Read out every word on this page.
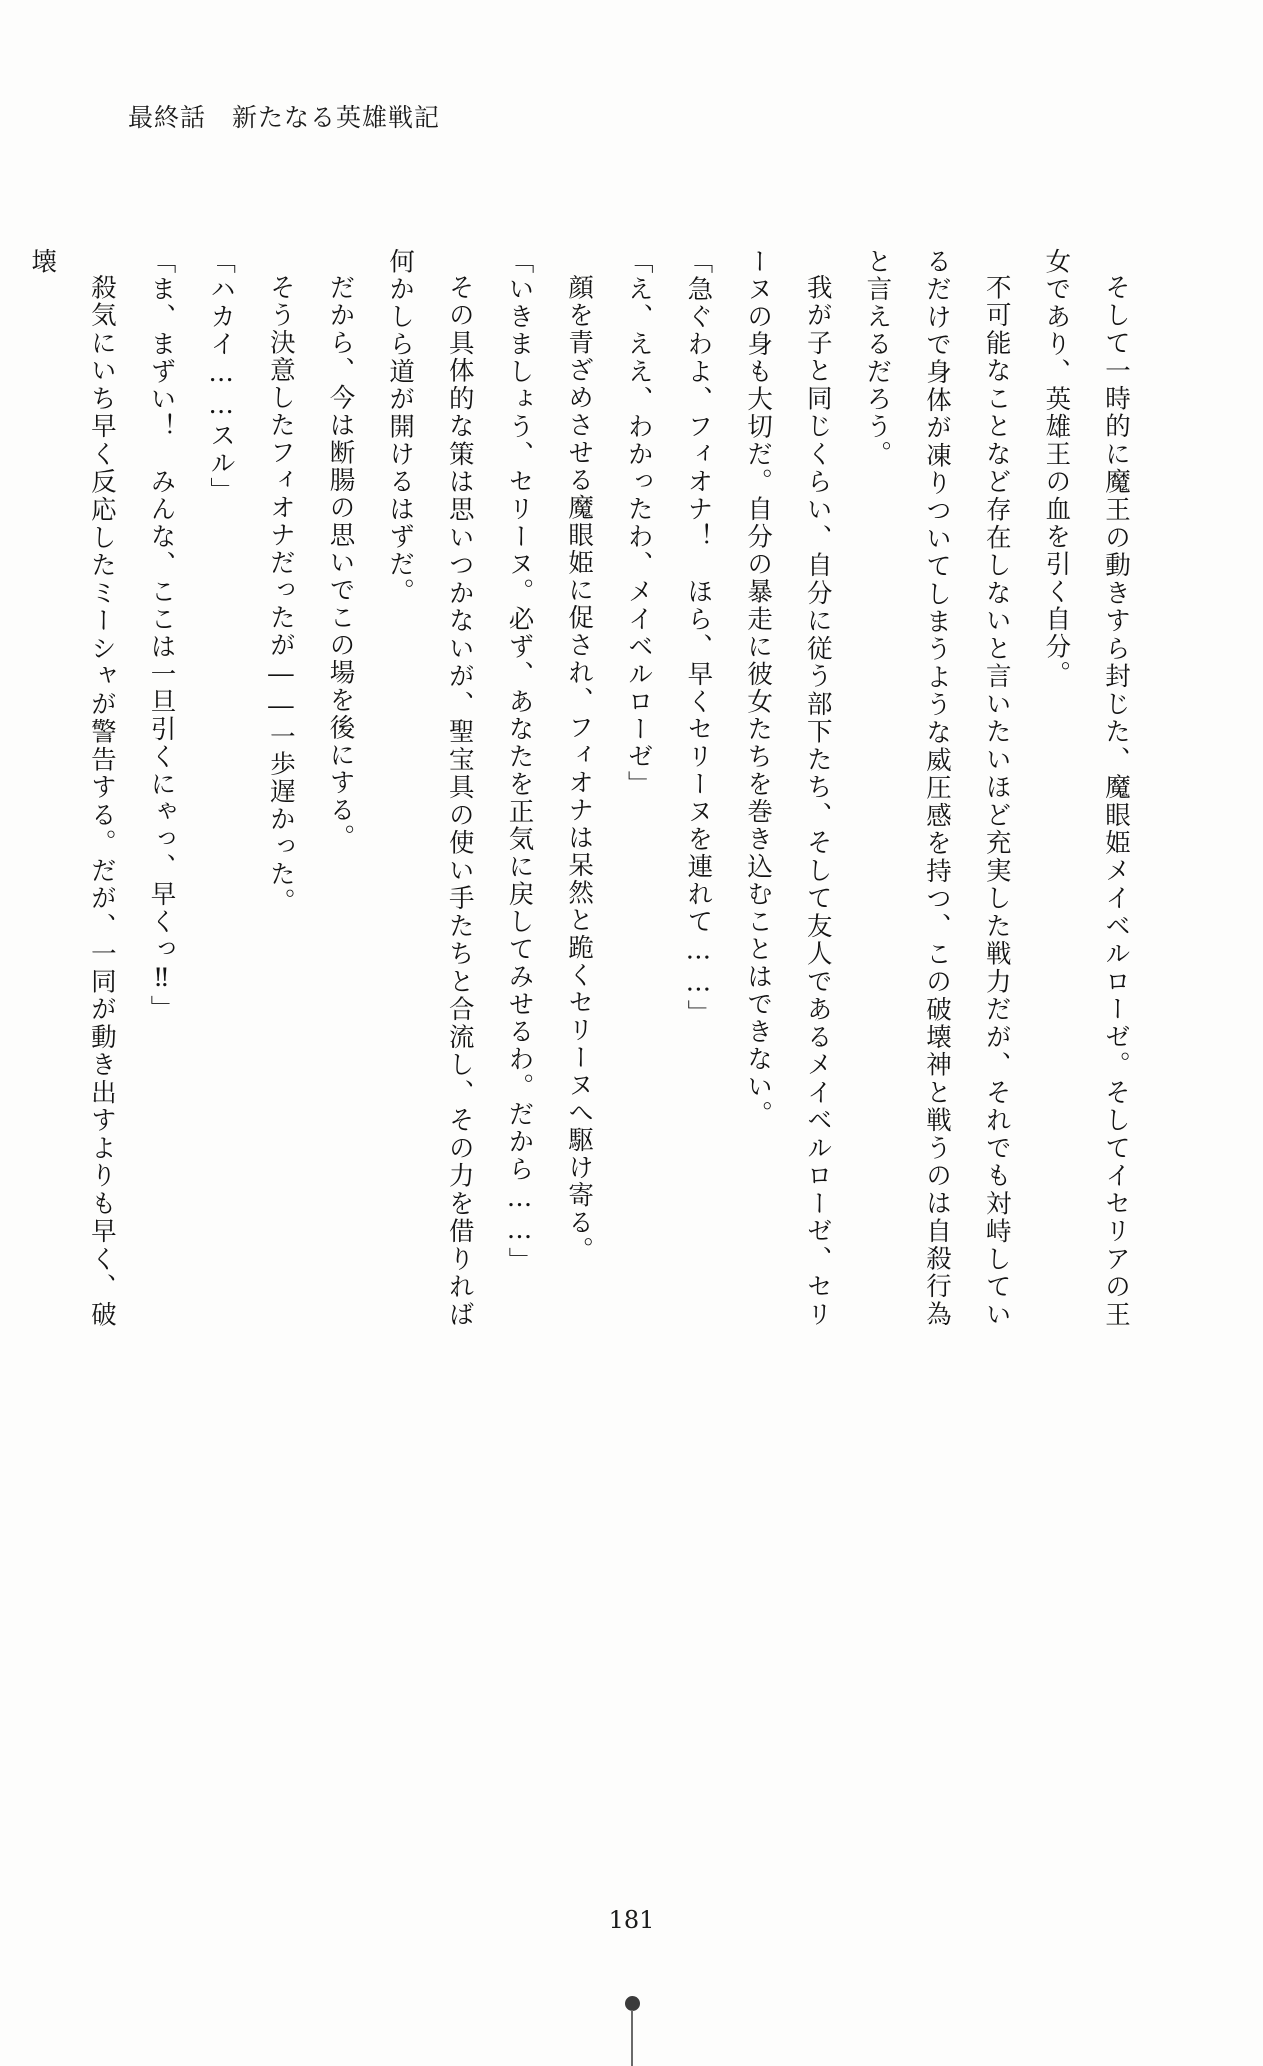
最終話　新たなる英雄戦記

そして一時的に魔王の動きすら封じた、魔眼姫メイベルローゼ。そしてイセリアの王女であり、英雄王の血を引く自分。

不可能なことなど存在しないと言いたいほど充実した戦力だが、それでも対峙しているだけで身体が凍りついてしまうような威圧感を持つ、この破壊神と戦うのは自殺行為と言えるだろう。

我が子と同じくらい、自分に従う部下たち、そして友人であるメイベルローゼ、セリーヌの身も大切だ。自分の暴走に彼女たちを巻き込むことはできない。

「急ぐわよ、フィオナ！　ほら、早くセリーヌを連れて……」

「え、ええ、わかったわ、メイベルローゼ」

顔を青ざめさせる魔眼姫に促され、フィオナは呆然と跪くセリーヌへ駆け寄る。

「いきましょう、セリーヌ。必ず、あなたを正気に戻してみせるわ。だから……」

その具体的な策は思いつかないが、聖宝具の使い手たちと合流し、その力を借りれば何かしら道が開けるはずだ。

だから、今は断腸の思いでこの場を後にする。

そう決意したフィオナだったが――一歩遅かった。

「ハカイ……スル」

「ま、まずい！　みんな、ここは一旦引くにゃっ、早くっ‼」

殺気にいち早く反応したミーシャが警告する。だが、一同が動き出すよりも早く、破壊

181
